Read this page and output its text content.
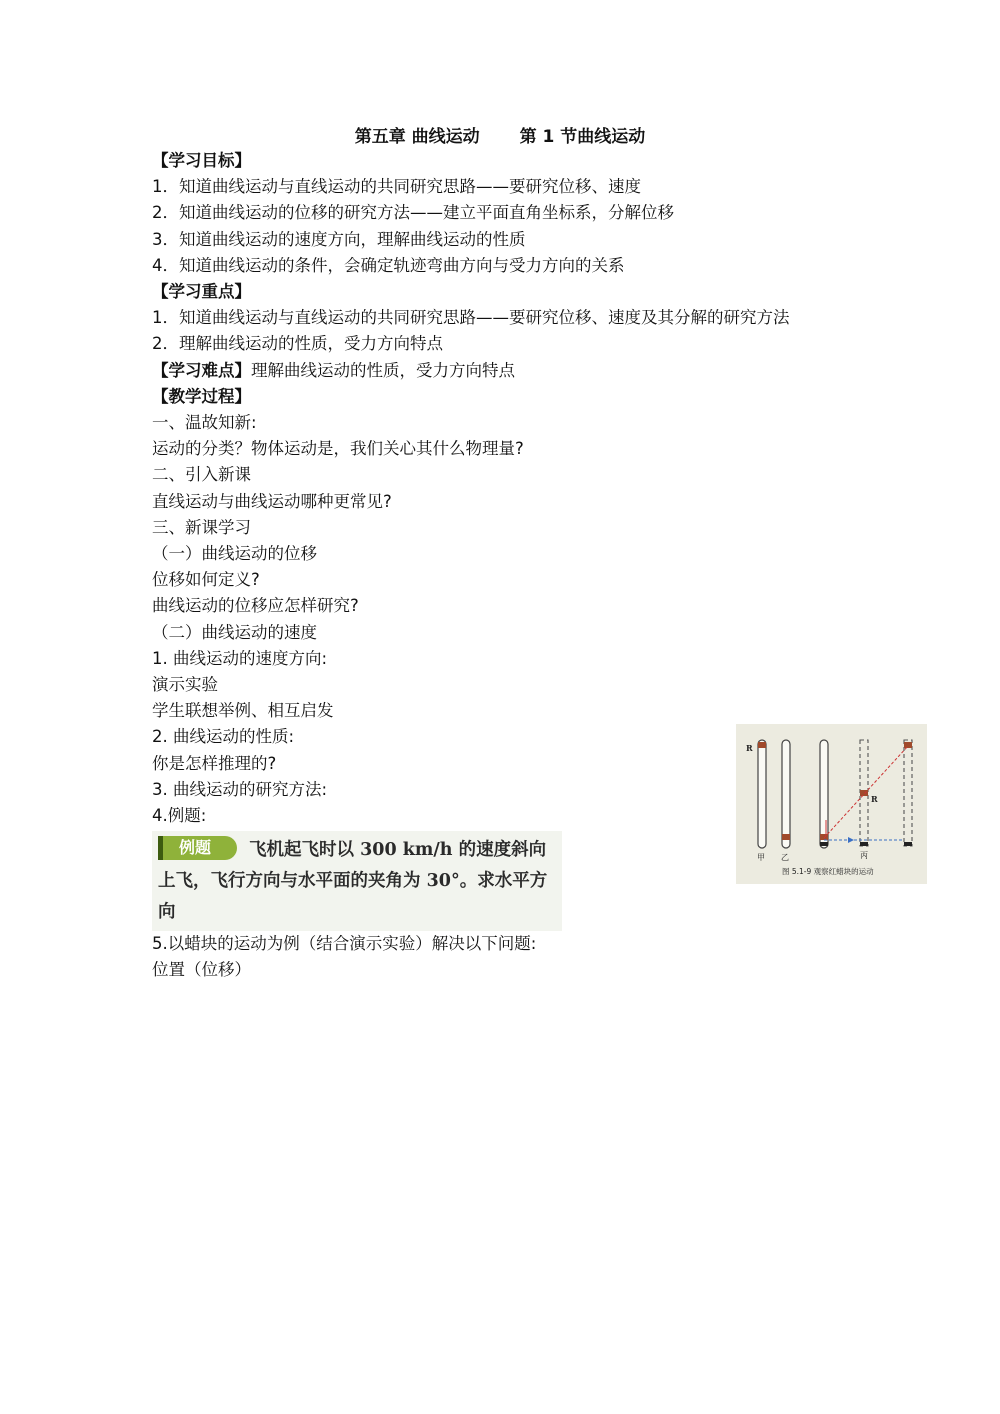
第五章 曲线运动 第 1 节曲线运动

【学习目标】

1．知道曲线运动与直线运动的共同研究思路——要研究位移、速度

2．知道曲线运动的位移的研究方法——建立平面直角坐标系，分解位移

3．知道曲线运动的速度方向，理解曲线运动的性质

4．知道曲线运动的条件，会确定轨迹弯曲方向与受力方向的关系

【学习重点】

1．知道曲线运动与直线运动的共同研究思路——要研究位移、速度及其分解的研究方法

2．理解曲线运动的性质，受力方向特点

【学习难点】理解曲线运动的性质，受力方向特点

【教学过程】

一、温故知新:

运动的分类？物体运动是，我们关心其什么物理量?

二、引入新课

直线运动与曲线运动哪种更常见?

三、新课学习

（一）曲线运动的位移

位移如何定义?

曲线运动的位移应怎样研究?

（二）曲线运动的速度

1. 曲线运动的速度方向:

演示实验

学生联想举例、相互启发

2. 曲线运动的性质:

你是怎样推理的?

3. 曲线运动的研究方法:

4.例题:

例题 飞机起飞时以 300 km/h 的速度斜向
上飞，飞行方向与水平面的夹角为 30°。求水平方向

5.以蜡块的运动为例（结合演示实验）解决以下问题:

位置（位移）

R
R
甲 乙	丙
图 5.1-9 观察红蜡块的运动
